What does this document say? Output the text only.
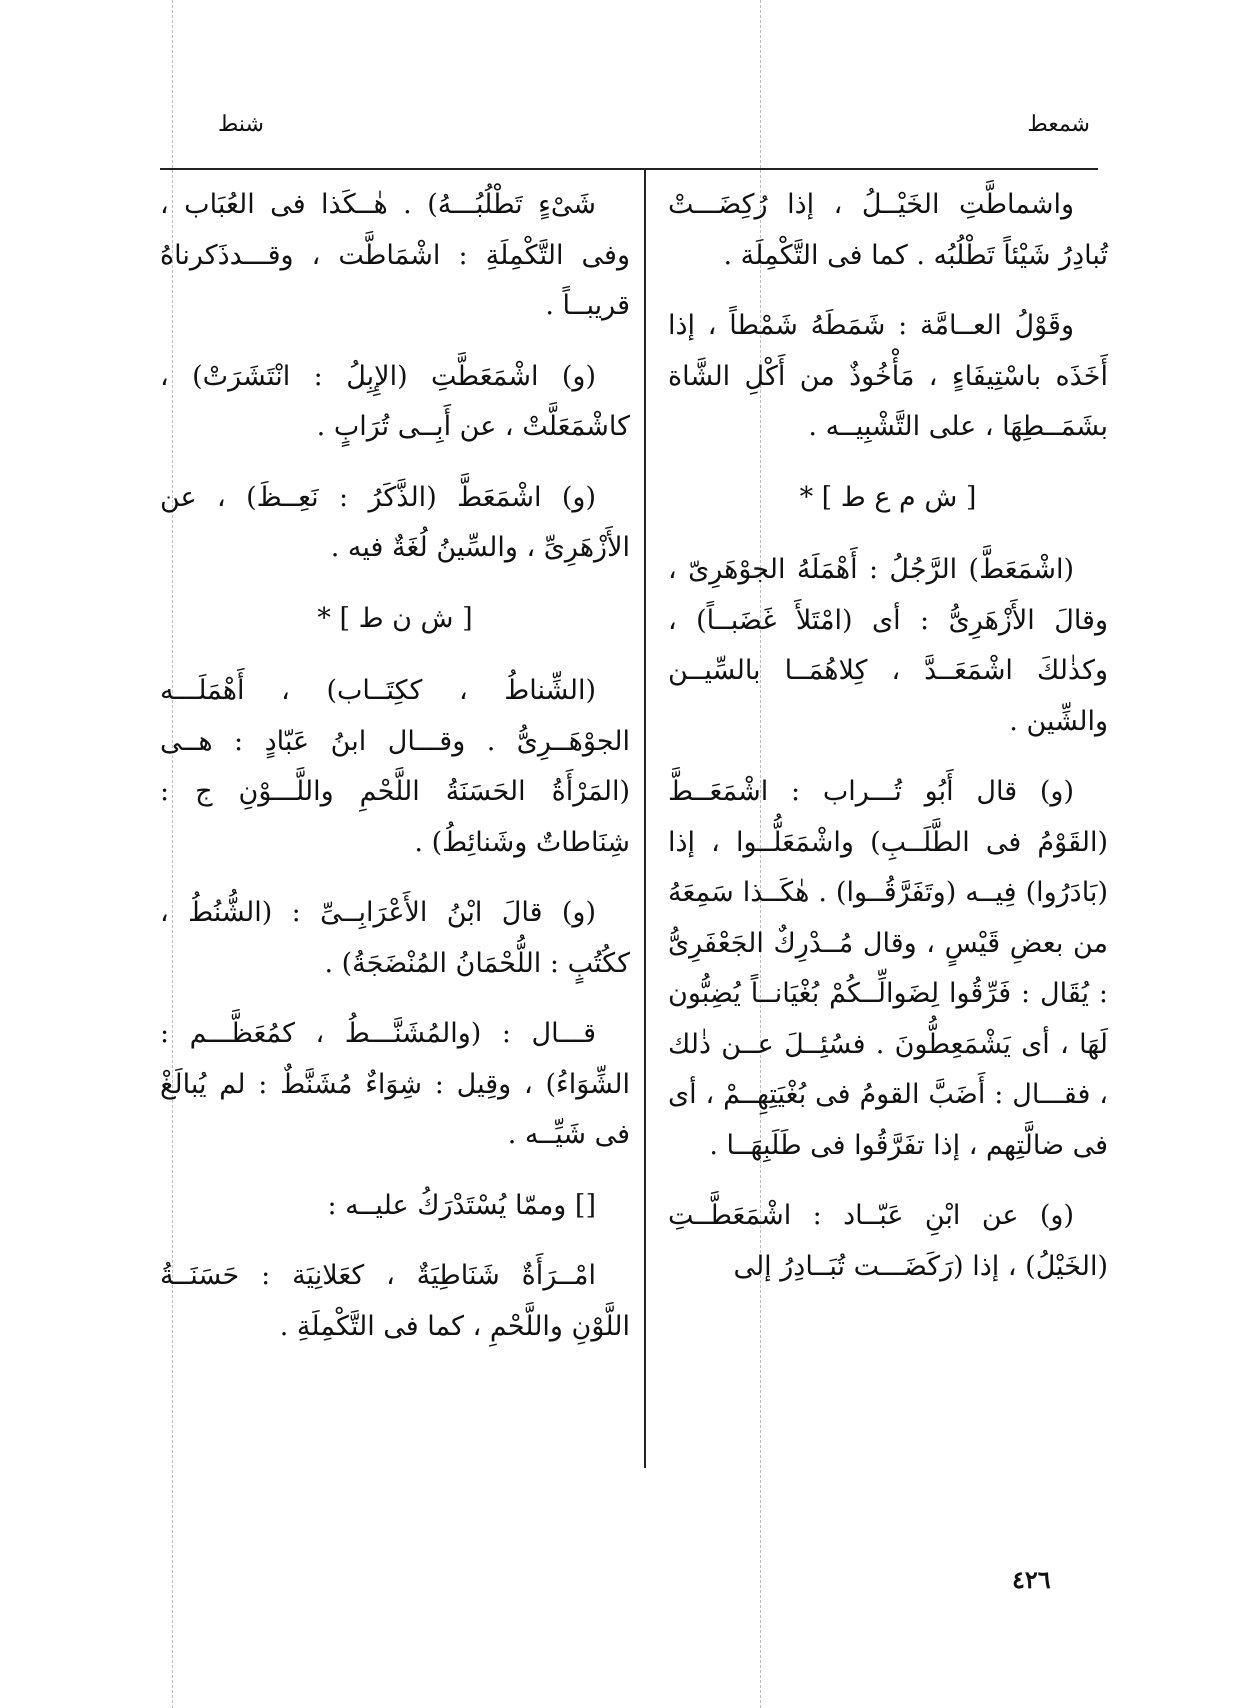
شمعط
شنط

واشماطَّتِ الخَيْــلُ ، إذا رُكِضَـــتْ تُبادِرُ شَيْئاً تَطْلُبُه . كما فى التَّكْمِلَة .

وقَوْلُ العــامَّة : شَمَطَهُ شَمْطاً ، إذا أَخَذَه باسْتِيفَاءٍ ، مَأْخُوذٌ من أَكْلِ الشَّاة بشَمَــطِهَا ، على التَّشْبِيــه .

[ ش م ع ط ] *

(اشْمَعَطَّ) الرَّجُلُ : أَهْمَلَهُ الجوْهَرِىّ ، وقالَ الأَزْهَرِىُّ : أى (امْتَلأَ غَضَبــاً) ، وكذٰلكَ اشْمَعَــدَّ ، كِلاهُمَــا بالسِّيــن والشِّين .

(و) قال أَبُو تُـــراب : اشْمَعَــطَّ (القَوْمُ فى الطَّلَــبِ) واشْمَعَلُّــوا ، إذا (بَادَرُوا) فِيــه (وتَفَرَّقُــوا) . هٰكَــذا سَمِعَهُ من بعضِ قَيْسٍ ، وقال مُــدْرِكٌ الجَعْفَرِىُّ : يُقَال : فَرِّقُوا لِضَوالِّــكُمْ بُغْيَانــاً يُضِبُّون لَهَا ، أى يَشْمَعِطُّونَ . فسُئِــلَ عــن ذٰلك ، فقـــال : أَضَبَّ القومُ فى بُغْيَتِهِــمْ ، أى فى ضالَّتِهم ، إذا تفَرَّقُوا فى طَلَبِهَــا .

(و) عن ابْنِ عَبّــاد : اشْمَعَطَّــتِ (الخَيْلُ) ، إذا (رَكَضَـــت تُبَــادِرُ إلى

شَىْءٍ تَطْلُبُـــهُ) . هٰــكَذا فى العُبَاب ، وفى التَّكْمِلَةِ : اشْمَاطَّت ، وقـــدذَكرناهُ قريبــاً .

(و) اشْمَعَطَّتِ (الإِبِلُ : انْتَشَرَتْ) ، كاشْمَعَلَّتْ ، عن أَبِــى تُرَابٍ .

(و) اشْمَعَطَّ (الذَّكَرُ : نَعِــظَ) ، عن الأَزْهَرِىِّ ، والسِّينُ لُغَةٌ فيه .

[ ش ن ط ] *

(الشِّناطُ ، ككِتَــاب) ، أَهْمَلَـــه الجوْهَــرِىُّ . وقـــال ابنُ عَبّادٍ : هــى (المَرْأَةُ الحَسَنَةُ اللَّحْمِ واللَّـــوْنِ ج : شِنَاطاتٌ وشَنائِطُ) .

(و) قالَ ابْنُ الأَعْرَابِــىِّ : (الشُّنُطُ ، ككُتُبٍ : اللُّحْمَانُ المُنْضَجَةُ) .

قـــال : (والمُشَنَّـــطُ ، كمُعَظَّـــم : الشِّوَاءُ) ، وقِيل : شِوَاءٌ مُشَنَّطٌ : لم يُبالَغْ فى شَيِّــه .

[] وممّا يُسْتَدْرَكُ عليــه :

امْــرَأَةٌ شَنَاطِيَةٌ ، كعَلانِيَة : حَسَنَــةُ اللَّوْنِ واللَّحْمِ ، كما فى التَّكْمِلَةِ .

٤٢٦
